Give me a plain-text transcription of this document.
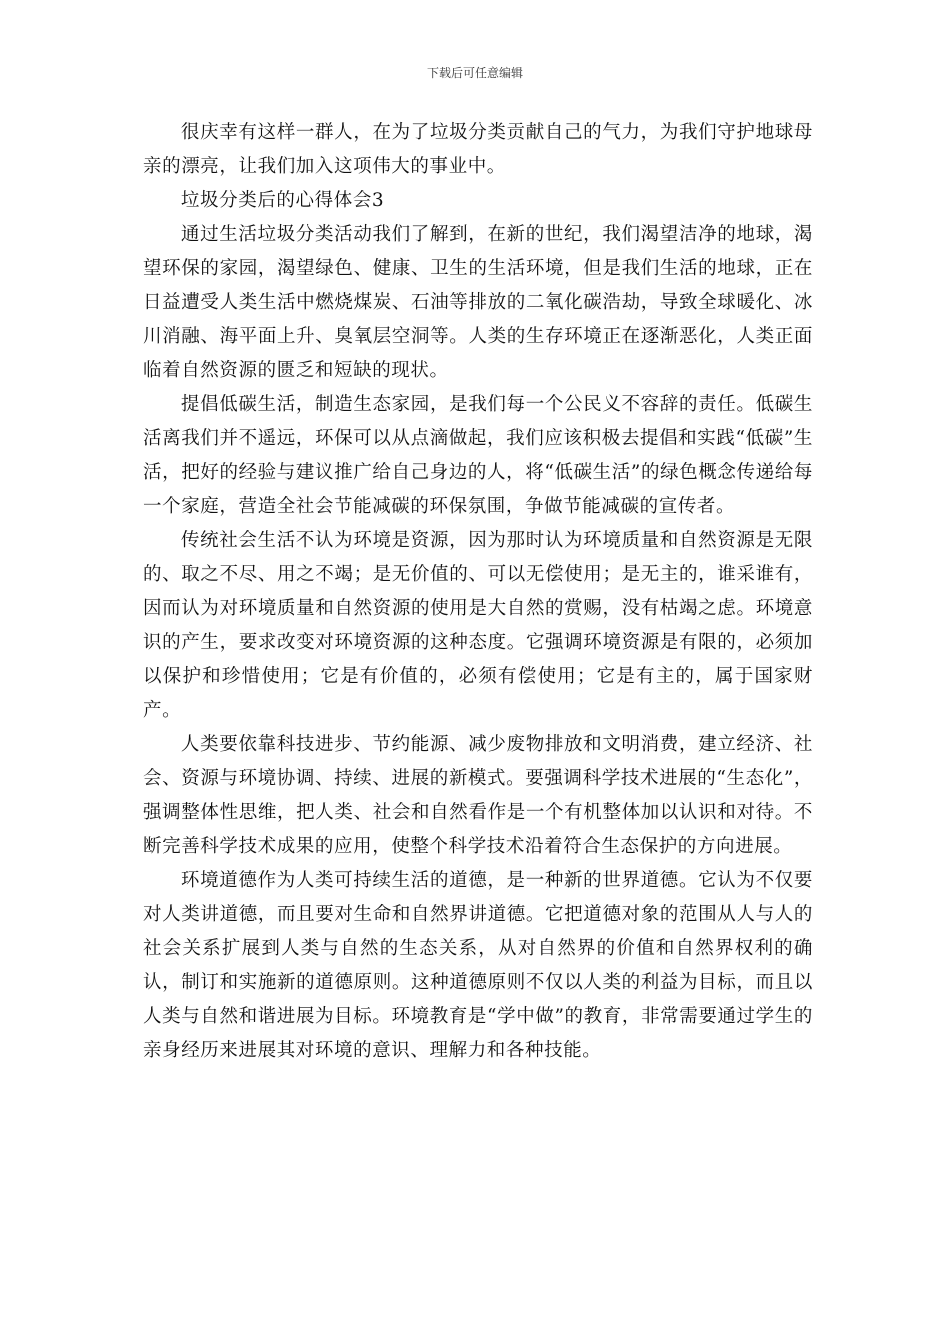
下载后可任意编辑

很庆幸有这样一群人，在为了垃圾分类贡献自己的气力，为我们守护地球母亲的漂亮，让我们加入这项伟大的事业中。

垃圾分类后的心得体会3

通过生活垃圾分类活动我们了解到，在新的世纪，我们渴望洁净的地球，渴望环保的家园，渴望绿色、健康、卫生的生活环境，但是我们生活的地球，正在日益遭受人类生活中燃烧煤炭、石油等排放的二氧化碳浩劫，导致全球暖化、冰川消融、海平面上升、臭氧层空洞等。人类的生存环境正在逐渐恶化，人类正面临着自然资源的匮乏和短缺的现状。

提倡低碳生活，制造生态家园，是我们每一个公民义不容辞的责任。低碳生活离我们并不遥远，环保可以从点滴做起，我们应该积极去提倡和实践“低碳”生活，把好的经验与建议推广给自己身边的人，将“低碳生活”的绿色概念传递给每一个家庭，营造全社会节能减碳的环保氛围，争做节能减碳的宣传者。

传统社会生活不认为环境是资源，因为那时认为环境质量和自然资源是无限的、取之不尽、用之不竭；是无价值的、可以无偿使用；是无主的，谁采谁有，因而认为对环境质量和自然资源的使用是大自然的赏赐，没有枯竭之虑。环境意识的产生，要求改变对环境资源的这种态度。它强调环境资源是有限的，必须加以保护和珍惜使用；它是有价值的，必须有偿使用；它是有主的，属于国家财产。

人类要依靠科技进步、节约能源、减少废物排放和文明消费，建立经济、社会、资源与环境协调、持续、进展的新模式。要强调科学技术进展的“生态化”，强调整体性思维，把人类、社会和自然看作是一个有机整体加以认识和对待。不断完善科学技术成果的应用，使整个科学技术沿着符合生态保护的方向进展。

环境道德作为人类可持续生活的道德，是一种新的世界道德。它认为不仅要对人类讲道德，而且要对生命和自然界讲道德。它把道德对象的范围从人与人的社会关系扩展到人类与自然的生态关系，从对自然界的价值和自然界权利的确认，制订和实施新的道德原则。这种道德原则不仅以人类的利益为目标，而且以人类与自然和谐进展为目标。环境教育是“学中做”的教育，非常需要通过学生的亲身经历来进展其对环境的意识、理解力和各种技能。
